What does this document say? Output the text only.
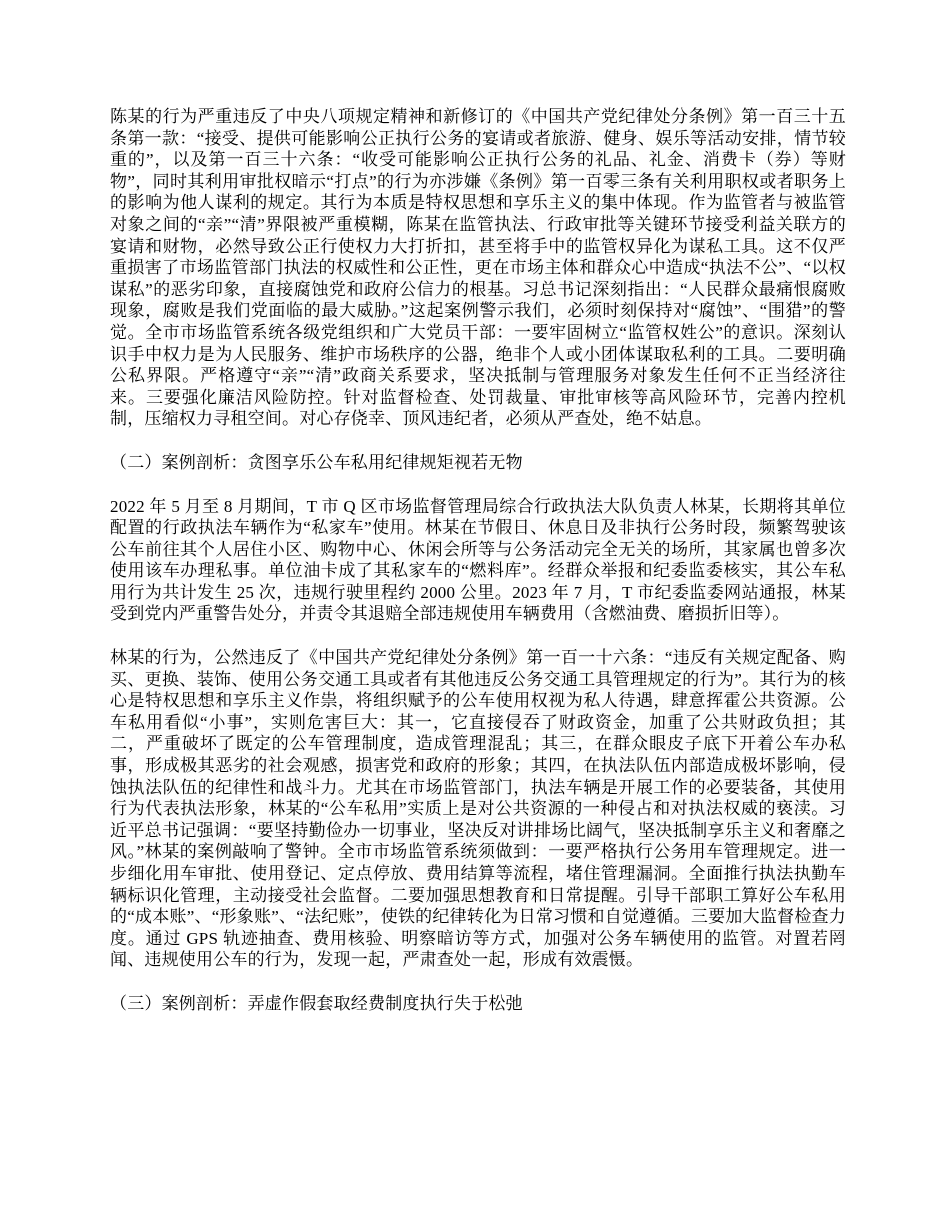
陈某的行为严重违反了中央八项规定精神和新修订的《中国共产党纪律处分条例》第一百三十五条第一款：“接受、提供可能影响公正执行公务的宴请或者旅游、健身、娱乐等活动安排，情节较重的”，以及第一百三十六条：“收受可能影响公正执行公务的礼品、礼金、消费卡（券）等财物”，同时其利用审批权暗示“打点”的行为亦涉嫌《条例》第一百零三条有关利用职权或者职务上的影响为他人谋利的规定。其行为本质是特权思想和享乐主义的集中体现。作为监管者与被监管对象之间的“亲”“清”界限被严重模糊，陈某在监管执法、行政审批等关键环节接受利益关联方的宴请和财物，必然导致公正行使权力大打折扣，甚至将手中的监管权异化为谋私工具。这不仅严重损害了市场监管部门执法的权威性和公正性，更在市场主体和群众心中造成“执法不公”、“以权谋私”的恶劣印象，直接腐蚀党和政府公信力的根基。习总书记深刻指出：“人民群众最痛恨腐败现象，腐败是我们党面临的最大威胁。”这起案例警示我们，必须时刻保持对“腐蚀”、“围猎”的警觉。全市市场监管系统各级党组织和广大党员干部：一要牢固树立“监管权姓公”的意识。深刻认识手中权力是为人民服务、维护市场秩序的公器，绝非个人或小团体谋取私利的工具。二要明确公私界限。严格遵守“亲”“清”政商关系要求，坚决抵制与管理服务对象发生任何不正当经济往来。三要强化廉洁风险防控。针对监督检查、处罚裁量、审批审核等高风险环节，完善内控机制，压缩权力寻租空间。对心存侥幸、顶风违纪者，必须从严查处，绝不姑息。
（二）案例剖析：贪图享乐公车私用纪律规矩视若无物
2022 年 5 月至 8 月期间，T 市 Q 区市场监督管理局综合行政执法大队负责人林某，长期将其单位配置的行政执法车辆作为“私家车”使用。林某在节假日、休息日及非执行公务时段，频繁驾驶该公车前往其个人居住小区、购物中心、休闲会所等与公务活动完全无关的场所，其家属也曾多次使用该车办理私事。单位油卡成了其私家车的“燃料库”。经群众举报和纪委监委核实，其公车私用行为共计发生 25 次，违规行驶里程约 2000 公里。2023 年 7 月，T 市纪委监委网站通报，林某受到党内严重警告处分，并责令其退赔全部违规使用车辆费用（含燃油费、磨损折旧等）。
林某的行为，公然违反了《中国共产党纪律处分条例》第一百一十六条：“违反有关规定配备、购买、更换、装饰、使用公务交通工具或者有其他违反公务交通工具管理规定的行为”。其行为的核心是特权思想和享乐主义作祟，将组织赋予的公车使用权视为私人待遇，肆意挥霍公共资源。公车私用看似“小事”，实则危害巨大：其一，它直接侵吞了财政资金，加重了公共财政负担；其二，严重破坏了既定的公车管理制度，造成管理混乱；其三，在群众眼皮子底下开着公车办私事，形成极其恶劣的社会观感，损害党和政府的形象；其四，在执法队伍内部造成极坏影响，侵蚀执法队伍的纪律性和战斗力。尤其在市场监管部门，执法车辆是开展工作的必要装备，其使用行为代表执法形象，林某的“公车私用”实质上是对公共资源的一种侵占和对执法权威的亵渎。习近平总书记强调：“要坚持勤俭办一切事业，坚决反对讲排场比阔气，坚决抵制享乐主义和奢靡之风。”林某的案例敲响了警钟。全市市场监管系统须做到：一要严格执行公务用车管理规定。进一步细化用车审批、使用登记、定点停放、费用结算等流程，堵住管理漏洞。全面推行执法执勤车辆标识化管理，主动接受社会监督。二要加强思想教育和日常提醒。引导干部职工算好公车私用的“成本账”、“形象账”、“法纪账”，使铁的纪律转化为日常习惯和自觉遵循。三要加大监督检查力度。通过 GPS 轨迹抽查、费用核验、明察暗访等方式，加强对公务车辆使用的监管。对置若罔闻、违规使用公车的行为，发现一起，严肃查处一起，形成有效震慑。
（三）案例剖析：弄虚作假套取经费制度执行失于松弛
